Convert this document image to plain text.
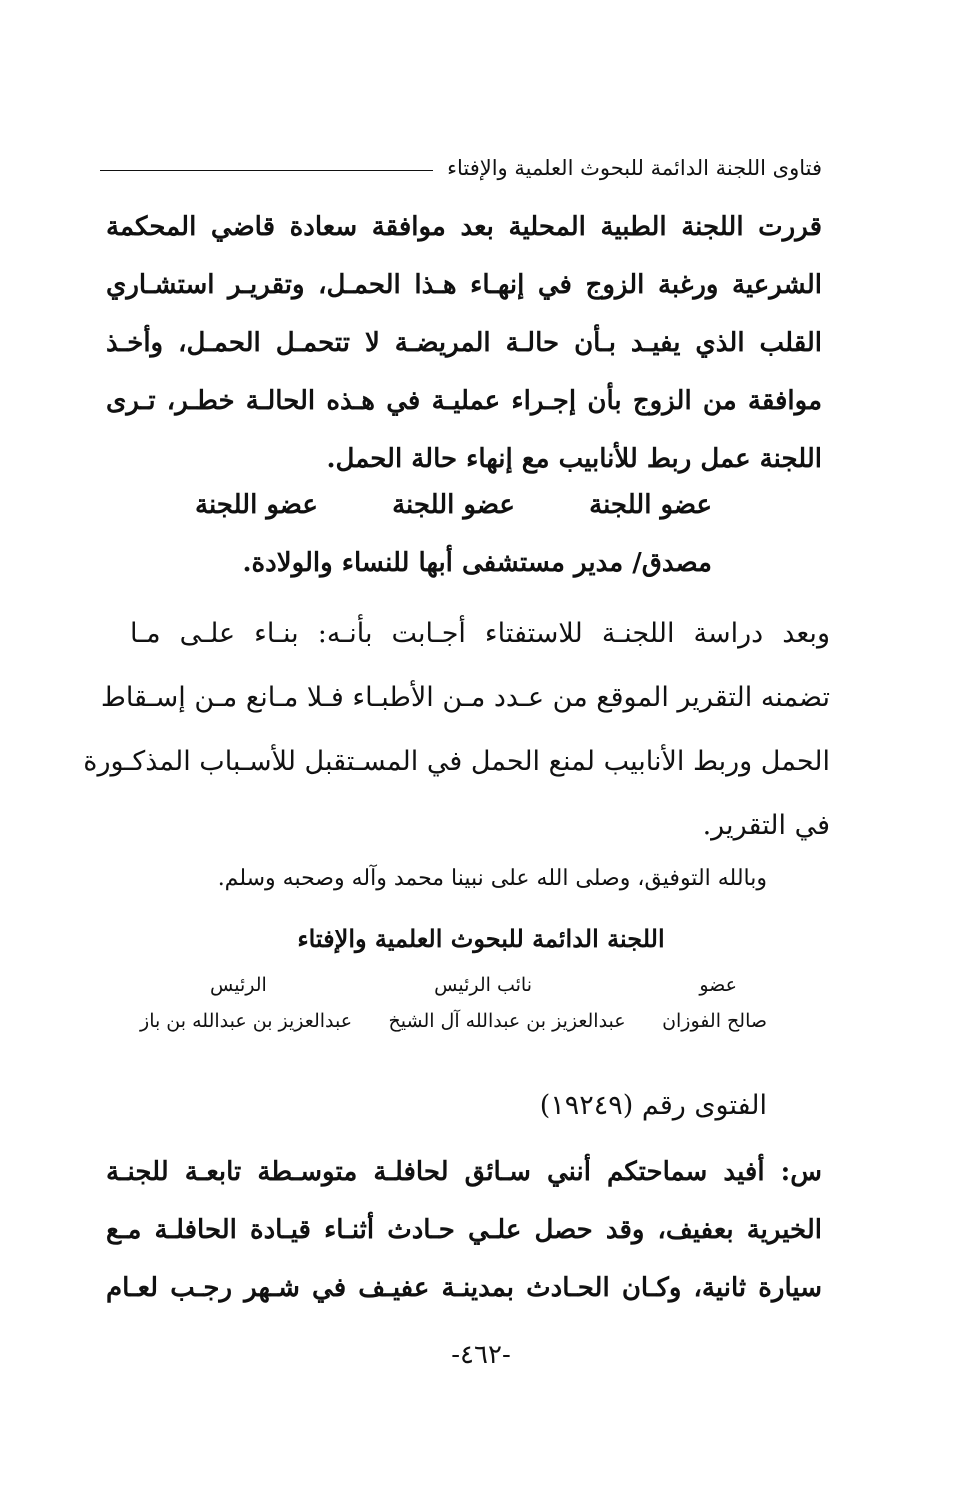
فتاوى اللجنة الدائمة للبحوث العلمية والإفتاء
قررت اللجنة الطبية المحلية بعد موافقة سعادة قاضي المحكمة
الشرعية ورغبة الزوج في إنهـاء هـذا الحمـل، وتقريـر استشـاري
القلب الذي يفيـد بـأن حالـة المريضـة لا تتحمـل الحمـل، وأخـذ
موافقة من الزوج بأن إجـراء عمليـة في هـذه الحالـة خطـر، تـرى
اللجنة عمل ربط للأنابيب مع إنهاء حالة الحمل.
عضو اللجنة
عضو اللجنة
عضو اللجنة
مصدق/ مدير مستشفى أبها للنساء والولادة.
وبعد دراسة اللجنـة للاستفتاء أجـابت بأنـه: بنـاء علـى مـا
تضمنه التقرير الموقع من عـدد مـن الأطبـاء فـلا مـانع مـن إسـقاط
الحمل وربط الأنابيب لمنع الحمل في المسـتقبل للأسـباب المذكـورة
في التقرير.
وبالله التوفيق، وصلى الله على نبينا محمد وآله وصحبه وسلم.
اللجنة الدائمة للبحوث العلمية والإفتاء
عضو
نائب الرئيس
الرئيس
صالح الفوزان
عبدالعزيز بن عبدالله آل الشيخ
عبدالعزيز بن عبدالله بن باز
الفتوى رقم (١٩٢٤٩)
س: أفيد سماحتكم أنني سـائق لحافلـة متوسـطة تابعـة للجنـة
الخيرية بعفيف، وقد حصل علـي حـادث أثنـاء قيـادة الحافلـة مـع
سيارة ثانية، وكـان الحـادث بمدينـة عفيـف في شـهر رجـب لعـام
-٤٦٢-
